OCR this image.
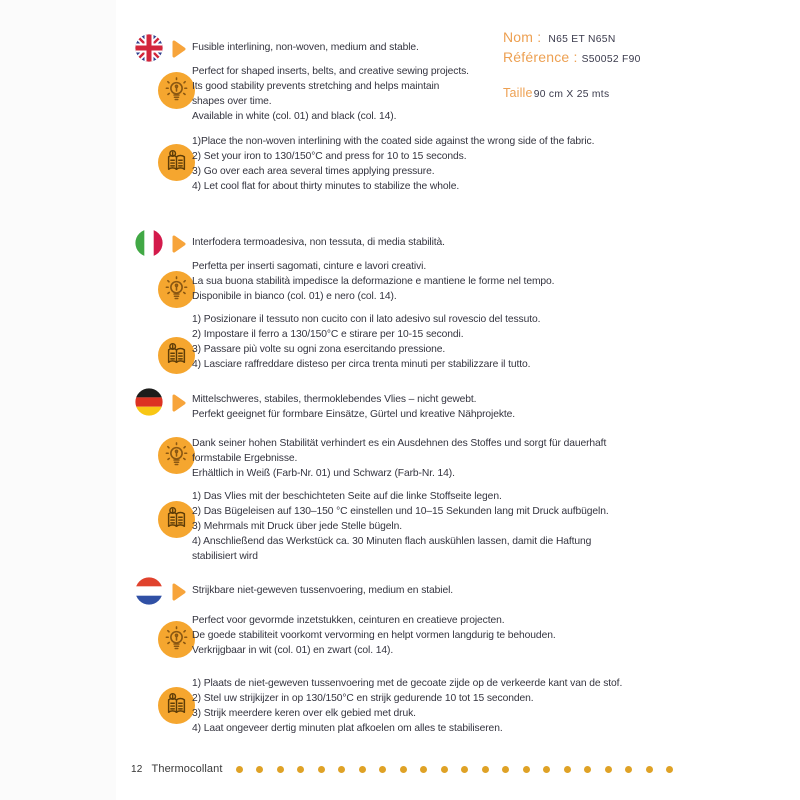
Fusible interlining, non-woven, medium and stable.
Perfect for shaped inserts, belts, and creative sewing projects.
Its good stability prevents stretching and helps maintain
shapes over time.
Available in white (col. 01) and black (col. 14).
1)Place the non-woven interlining with the coated side against the wrong side of the fabric.
2) Set your iron to 130/150°C and press for 10 to 15 seconds.
3) Go over each area several times applying pressure.
4) Let cool flat for about thirty minutes to stabilize the whole.
Nom : N65 ET N65N
Référence : S50052 F90
Taille 90 cm X 25 mts
Interfodera termoadesiva, non tessuta, di media stabilità.
Perfetta per inserti sagomati, cinture e lavori creativi.
La sua buona stabilità impedisce la deformazione e mantiene le forme nel tempo.
Disponibile in bianco (col. 01) e nero (col. 14).
1) Posizionare il tessuto non cucito con il lato adesivo sul rovescio del tessuto.
2) Impostare il ferro a 130/150°C e stirare per 10-15 secondi.
3) Passare più volte su ogni zona esercitando pressione.
4) Lasciare raffreddare disteso per circa trenta minuti per stabilizzare il tutto.
Mittelschweres, stabiles, thermoklebendes Vlies – nicht gewebt.
Perfekt geeignet für formbare Einsätze, Gürtel und kreative Nähprojekte.
Dank seiner hohen Stabilität verhindert es ein Ausdehnen des Stoffes und sorgt für dauerhaft
formstabile Ergebnisse.
Erhältlich in Weiß (Farb-Nr. 01) und Schwarz (Farb-Nr. 14).
1) Das Vlies mit der beschichteten Seite auf die linke Stoffseite legen.
2) Das Bügeleisen auf 130–150 °C einstellen und 10–15 Sekunden lang mit Druck aufbügeln.
3) Mehrmals mit Druck über jede Stelle bügeln.
4) Anschließend das Werkstück ca. 30 Minuten flach auskühlen lassen, damit die Haftung
stabilisiert wird
Strijkbare niet-geweven tussenvoering, medium en stabiel.
Perfect voor gevormde inzetstukken, ceinturen en creatieve projecten.
De goede stabiliteit voorkomt vervorming en helpt vormen langdurig te behouden.
Verkrijgbaar in wit (col. 01) en zwart (col. 14).
1) Plaats de niet-geweven tussenvoering met de gecoate zijde op de verkeerde kant van de stof.
2) Stel uw strijkijzer in op 130/150°C en strijk gedurende 10 tot 15 seconden.
3) Strijk meerdere keren over elk gebied met druk.
4) Laat ongeveer dertig minuten plat afkoelen om alles te stabiliseren.
12 Thermocollant
